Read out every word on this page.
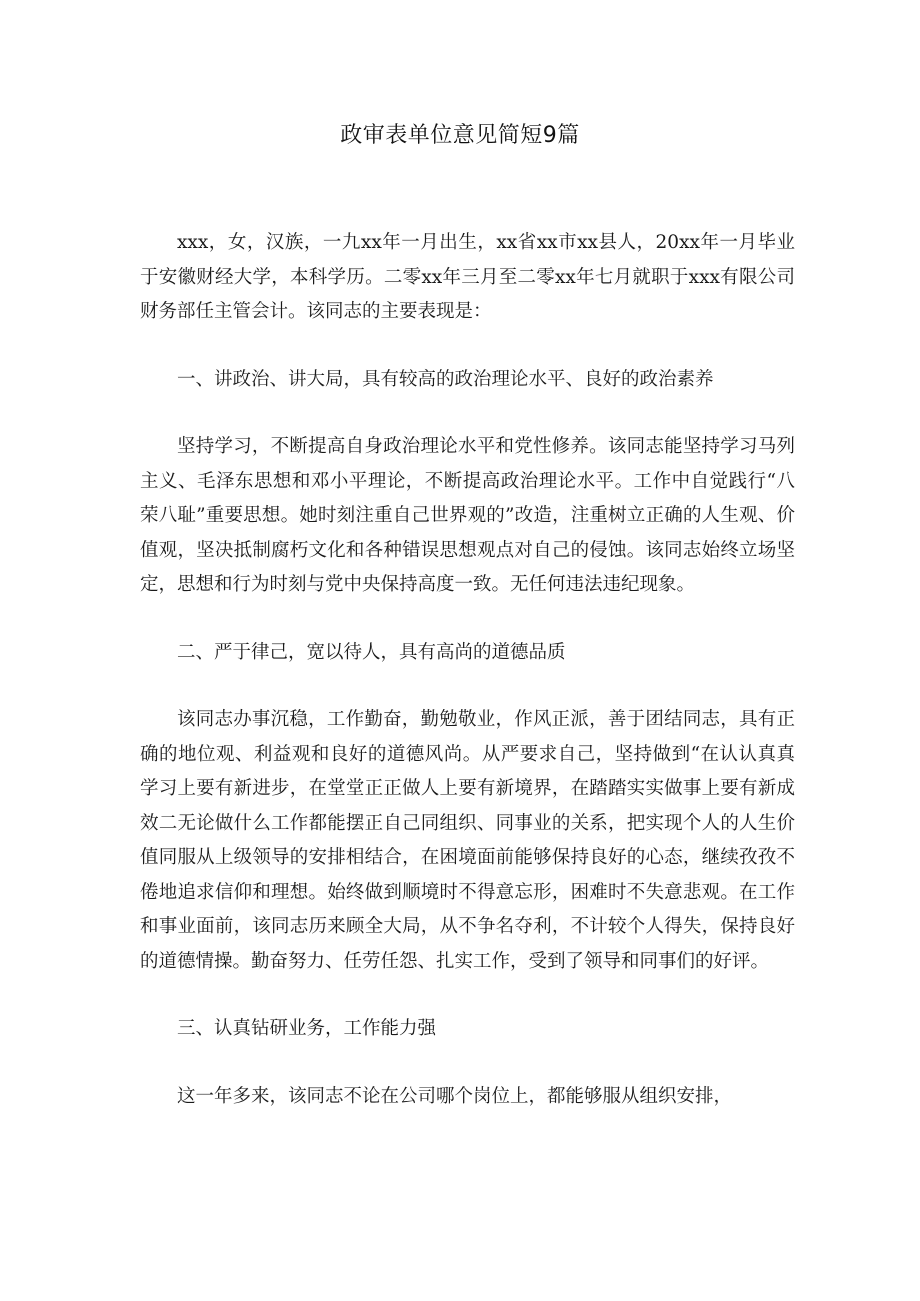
政审表单位意见简短9篇

xxx，女，汉族，一九xx年一月出生，xx省xx市xx县人，20xx年一月毕业于安徽财经大学，本科学历。二零xx年三月至二零xx年七月就职于xxx有限公司财务部任主管会计。该同志的主要表现是：

一、讲政治、讲大局，具有较高的政治理论水平、良好的政治素养

坚持学习，不断提高自身政治理论水平和党性修养。该同志能坚持学习马列主义、毛泽东思想和邓小平理论，不断提高政治理论水平。工作中自觉践行“八荣八耻”重要思想。她时刻注重自己世界观的”改造，注重树立正确的人生观、价值观，坚决抵制腐朽文化和各种错误思想观点对自己的侵蚀。该同志始终立场坚定，思想和行为时刻与党中央保持高度一致。无任何违法违纪现象。

二、严于律己，宽以待人，具有高尚的道德品质

该同志办事沉稳，工作勤奋，勤勉敬业，作风正派，善于团结同志，具有正确的地位观、利益观和良好的道德风尚。从严要求自己，坚持做到“在认认真真学习上要有新进步，在堂堂正正做人上要有新境界，在踏踏实实做事上要有新成效二无论做什么工作都能摆正自己同组织、同事业的关系，把实现个人的人生价值同服从上级领导的安排相结合，在困境面前能够保持良好的心态，继续孜孜不倦地追求信仰和理想。始终做到顺境时不得意忘形，困难时不失意悲观。在工作和事业面前，该同志历来顾全大局，从不争名夺利，不计较个人得失，保持良好的道德情操。勤奋努力、任劳任怨、扎实工作，受到了领导和同事们的好评。

三、认真钻研业务，工作能力强

这一年多来，该同志不论在公司哪个岗位上，都能够服从组织安排，
